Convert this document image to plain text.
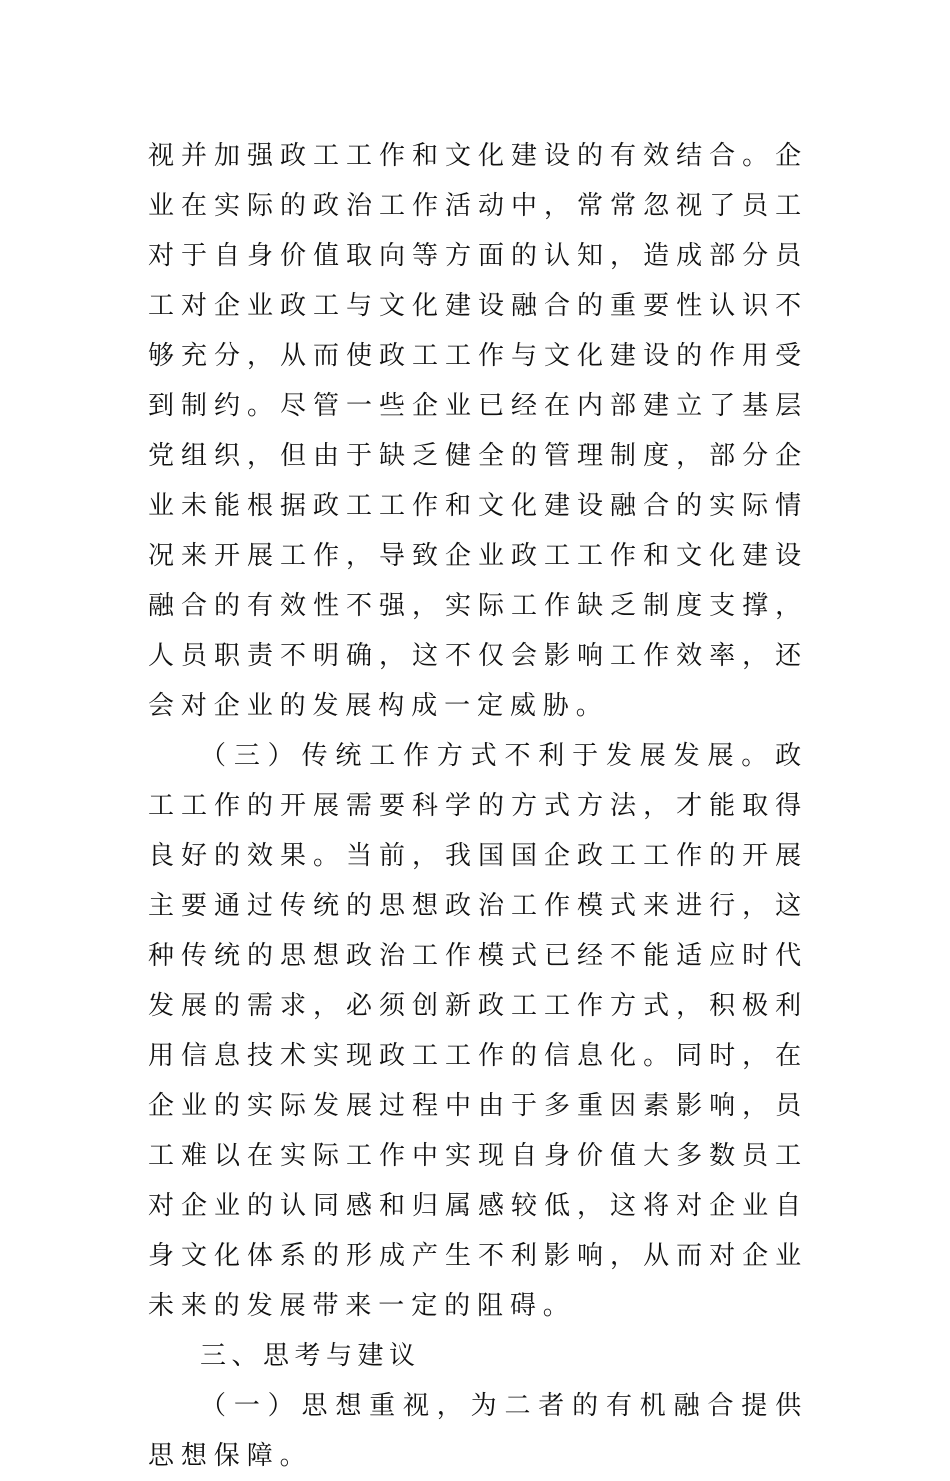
视并加强政工工作和文化建设的有效结合。企业在实际的政治工作活动中，常常忽视了员工对于自身价值取向等方面的认知，造成部分员工对企业政工与文化建设融合的重要性认识不够充分，从而使政工工作与文化建设的作用受到制约。尽管一些企业已经在内部建立了基层党组织，但由于缺乏健全的管理制度，部分企业未能根据政工工作和文化建设融合的实际情况来开展工作，导致企业政工工作和文化建设融合的有效性不强，实际工作缺乏制度支撑，人员职责不明确，这不仅会影响工作效率，还会对企业的发展构成一定威胁。

（三）传统工作方式不利于发展发展。政工工作的开展需要科学的方式方法，才能取得良好的效果。当前，我国国企政工工作的开展主要通过传统的思想政治工作模式来进行，这种传统的思想政治工作模式已经不能适应时代发展的需求，必须创新政工工作方式，积极利用信息技术实现政工工作的信息化。同时，在企业的实际发展过程中由于多重因素影响，员工难以在实际工作中实现自身价值大多数员工对企业的认同感和归属感较低，这将对企业自身文化体系的形成产生不利影响，从而对企业未来的发展带来一定的阻碍。

三、思考与建议

（一）思想重视，为二者的有机融合提供思想保障。
